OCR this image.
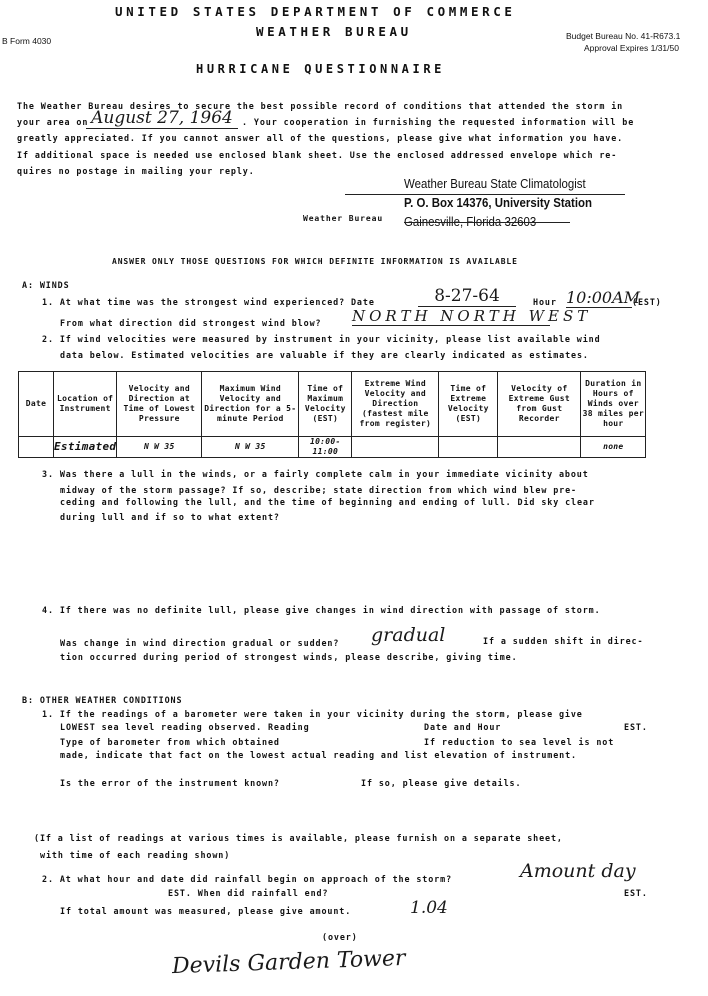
UNITED STATES DEPARTMENT OF COMMERCE
WEATHER BUREAU
B Form 4030	Budget Bureau No. 41-R673.1
Approval Expires 1/31/50
HURRICANE QUESTIONNAIRE
The Weather Bureau desires to secure the best possible record of conditions that attended the storm in
your area on August 27, 1964	. Your cooperation in furnishing the requested information will be
greatly appreciated. If you cannot answer all of the questions, please give what information you have.
If additional space is needed use enclosed blank sheet. Use the enclosed addressed envelope which re-
quires no postage in mailing your reply.
Weather Bureau State Climatologist
P. O. Box 14376, University Station
Gainesville, Florida 32603
Weather Bureau
ANSWER ONLY THOSE QUESTIONS FOR WHICH DEFINITE INFORMATION IS AVAILABLE
A: WINDS
1. At what time was the strongest wind experienced? Date	8-27-64	Hour 10:00AM
(EST)
From what direction did strongest wind blow? NORTH NORTH WEST
2. If wind velocities were measured by instrument in your vicinity, please list available wind
data below. Estimated velocities are valuable if they are clearly indicated as estimates.
Date	Location of Instrument	Velocity and Direction at Time of Lowest Pressure	Maximum Wind Velocity and Direction for a 5-minute Period	Time of Maximum Velocity (EST)	Extreme Wind Velocity and Direction (fastest mile from register)	Time of Extreme Velocity (EST)	Velocity of Extreme Gust from Gust Recorder	Duration in Hours of Winds over 38 miles per hour
	Estimated	N W 35	N W 35	10:00-11:00				none
3. Was there a lull in the winds, or a fairly complete calm in your immediate vicinity about
midway of the storm passage? If so, describe; state direction from which wind blew pre-
ceding and following the lull, and the time of beginning and ending of lull. Did sky clear
during lull and if so to what extent?
4. If there was no definite lull, please give changes in wind direction with passage of storm.
Was change in wind direction gradual or sudden? gradual	If a sudden shift in direc-
tion occurred during period of strongest winds, please describe, giving time.
B: OTHER WEATHER CONDITIONS
1. If the readings of a barometer were taken in your vicinity during the storm, please give
LOWEST sea level reading observed. Reading	Date and Hour	EST.
Type of barometer from which obtained	If reduction to sea level is not
made, indicate that fact on the lowest actual reading and list elevation of instrument.
Is the error of the instrument known?	If so, please give details.
(If a list of readings at various times is available, please furnish on a separate sheet,
with time of each reading shown)
2. At what hour and date did rainfall begin on approach of the storm?	Amount day
EST. When did rainfall end?	EST.
If total amount was measured, please give amount.	1.04
(over)
Devils Garden Tower
